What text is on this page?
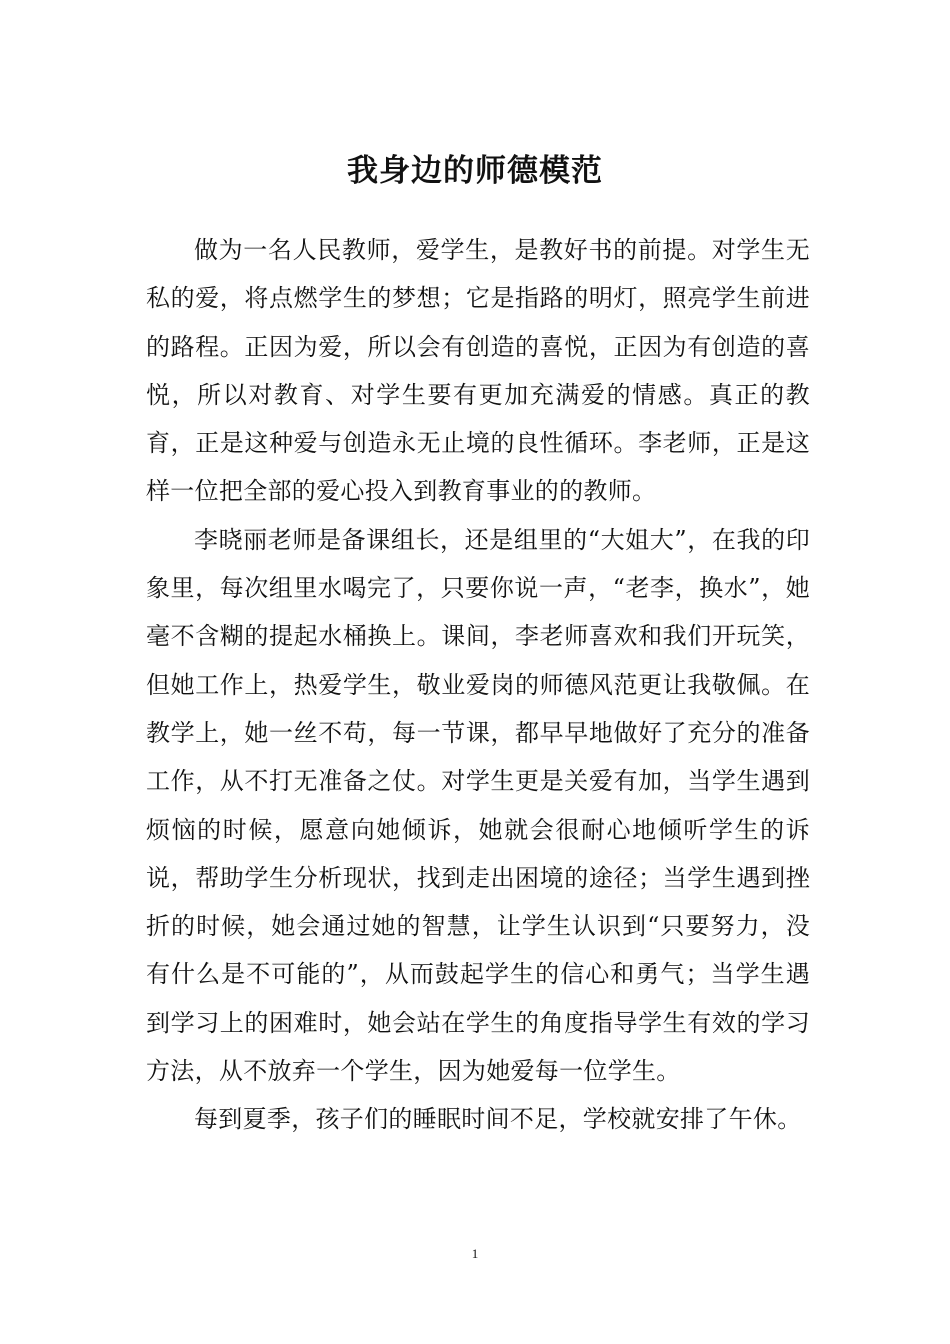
我身边的师德模范

做为一名人民教师，爱学生，是教好书的前提。对学生无私的爱，将点燃学生的梦想；它是指路的明灯，照亮学生前进的路程。正因为爱，所以会有创造的喜悦，正因为有创造的喜悦，所以对教育、对学生要有更加充满爱的情感。真正的教育，正是这种爱与创造永无止境的良性循环。李老师，正是这样一位把全部的爱心投入到教育事业的的教师。

李晓丽老师是备课组长，还是组里的“大姐大”，在我的印象里，每次组里水喝完了，只要你说一声，“老李，换水”，她毫不含糊的提起水桶换上。课间，李老师喜欢和我们开玩笑，但她工作上，热爱学生，敬业爱岗的师德风范更让我敬佩。在教学上，她一丝不苟，每一节课，都早早地做好了充分的准备工作，从不打无准备之仗。对学生更是关爱有加，当学生遇到烦恼的时候，愿意向她倾诉，她就会很耐心地倾听学生的诉说，帮助学生分析现状，找到走出困境的途径；当学生遇到挫折的时候，她会通过她的智慧，让学生认识到“只要努力，没有什么是不可能的”，从而鼓起学生的信心和勇气；当学生遇到学习上的困难时，她会站在学生的角度指导学生有效的学习方法，从不放弃一个学生，因为她爱每一位学生。

每到夏季，孩子们的睡眠时间不足，学校就安排了午休。

1
